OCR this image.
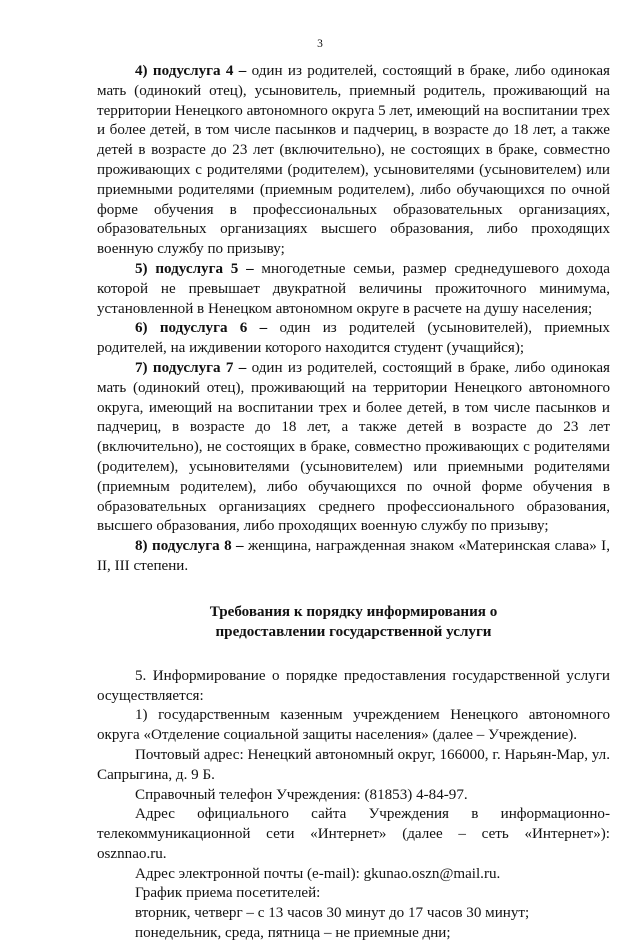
3

4) подуслуга 4 – один из родителей, состоящий в браке, либо одинокая мать (одинокий отец), усыновитель, приемный родитель, проживающий на территории Ненецкого автономного округа 5 лет, имеющий на воспитании трех и более детей, в том числе пасынков и падчериц, в возрасте до 18 лет, а также детей в возрасте до 23 лет (включительно), не состоящих в браке, совместно проживающих с родителями (родителем), усыновителями (усыновителем) или приемными родителями (приемным родителем), либо обучающихся по очной форме обучения в профессиональных образовательных организациях, образовательных организациях высшего образования, либо проходящих военную службу по призыву;

5) подуслуга 5 – многодетные семьи, размер среднедушевого дохода которой не превышает двукратной величины прожиточного минимума, установленной в Ненецком автономном округе в расчете на душу населения;

6) подуслуга 6 – один из родителей (усыновителей), приемных родителей, на иждивении которого находится студент (учащийся);

7) подуслуга 7 – один из родителей, состоящий в браке, либо одинокая мать (одинокий отец), проживающий на территории Ненецкого автономного округа, имеющий на воспитании трех и более детей, в том числе пасынков и падчериц, в возрасте до 18 лет, а также детей в возрасте до 23 лет (включительно), не состоящих в браке, совместно проживающих с родителями (родителем), усыновителями (усыновителем) или приемными родителями (приемным родителем), либо обучающихся по очной форме обучения в образовательных организациях среднего профессионального образования, высшего образования, либо проходящих военную службу по призыву;

8) подуслуга 8 – женщина, награжденная знаком «Материнская слава» I, II, III степени.

Требования к порядку информирования о
предоставлении государственной услуги

5. Информирование о порядке предоставления государственной услуги осуществляется:

1) государственным казенным учреждением Ненецкого автономного округа «Отделение социальной защиты населения» (далее – Учреждение).

Почтовый адрес: Ненецкий автономный округ, 166000, г. Нарьян-Мар, ул. Сапрыгина, д. 9 Б.

Справочный телефон Учреждения: (81853) 4-84-97.

Адрес официального сайта Учреждения в информационно-телекоммуникационной сети «Интернет» (далее – сеть «Интернет»): osznnao.ru.

Адрес электронной почты (e-mail): gkunao.oszn@mail.ru.

График приема посетителей:

вторник, четверг – с 13 часов 30 минут до 17 часов 30 минут;

понедельник, среда, пятница – не приемные дни;
